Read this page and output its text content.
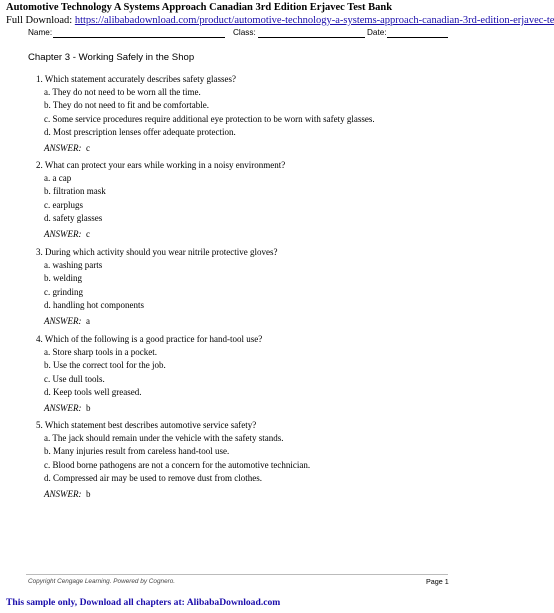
Automotive Technology A Systems Approach Canadian 3rd Edition Erjavec Test Bank
Full Download: https://alibabadownload.com/product/automotive-technology-a-systems-approach-canadian-3rd-edition-erjavec-te
Name:	Class:	Date:
Chapter 3 - Working Safely in the Shop
1. Which statement accurately describes safety glasses?
a. They do not need to be worn all the time.
b. They do not need to fit and be comfortable.
c. Some service procedures require additional eye protection to be worn with safety glasses.
d. Most prescription lenses offer adequate protection.
ANSWER: c
2. What can protect your ears while working in a noisy environment?
a. a cap
b. filtration mask
c. earplugs
d. safety glasses
ANSWER: c
3. During which activity should you wear nitrile protective gloves?
a. washing parts
b. welding
c. grinding
d. handling hot components
ANSWER: a
4. Which of the following is a good practice for hand-tool use?
a. Store sharp tools in a pocket.
b. Use the correct tool for the job.
c. Use dull tools.
d. Keep tools well greased.
ANSWER: b
5. Which statement best describes automotive service safety?
a. The jack should remain under the vehicle with the safety stands.
b. Many injuries result from careless hand-tool use.
c. Blood borne pathogens are not a concern for the automotive technician.
d. Compressed air may be used to remove dust from clothes.
ANSWER: b
Copyright Cengage Learning. Powered by Cognero.	Page 1
This sample only, Download all chapters at: AlibabaDownload.com
